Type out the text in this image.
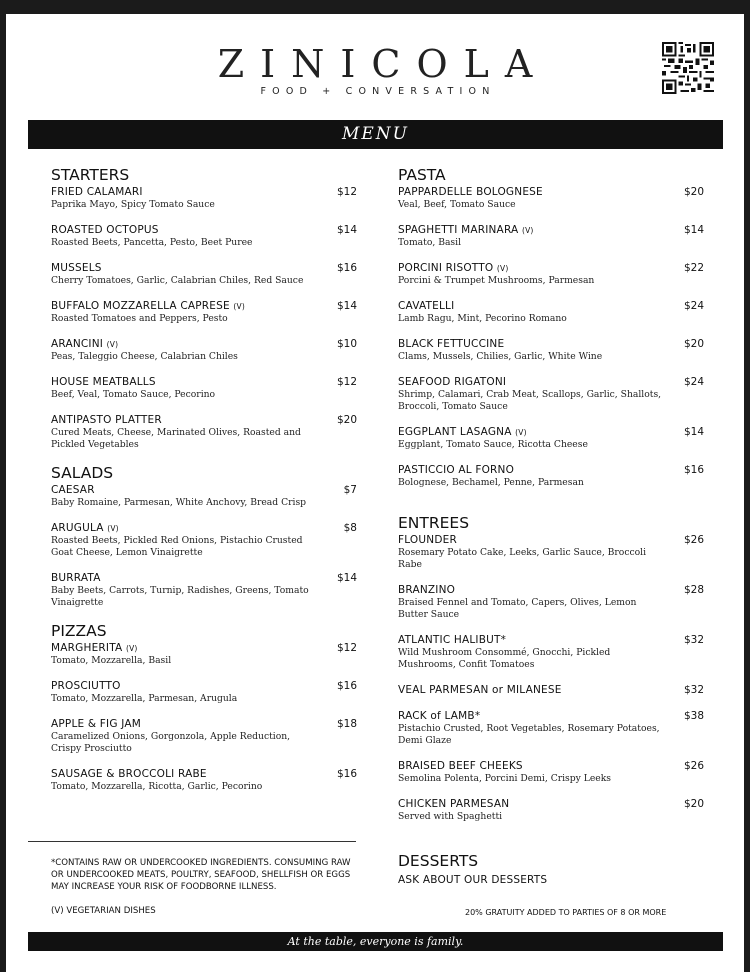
ZINICOLA
FOOD + CONVERSATION
MENU
STARTERS
FRIED CALAMARI	$12
Paprika Mayo, Spicy Tomato Sauce
ROASTED OCTOPUS	$14
Roasted Beets, Pancetta, Pesto, Beet Puree
MUSSELS	$16
Cherry Tomatoes, Garlic, Calabrian Chiles, Red Sauce
BUFFALO MOZZARELLA CAPRESE (V)	$14
Roasted Tomatoes and Peppers, Pesto
ARANCINI (V)	$10
Peas, Taleggio Cheese, Calabrian Chiles
HOUSE MEATBALLS	$12
Beef, Veal, Tomato Sauce, Pecorino
ANTIPASTO PLATTER	$20
Cured Meats, Cheese, Marinated Olives, Roasted and Pickled Vegetables
SALADS
CAESAR	$7
Baby Romaine, Parmesan, White Anchovy, Bread Crisp
ARUGULA (V)	$8
Roasted Beets, Pickled Red Onions, Pistachio Crusted Goat Cheese, Lemon Vinaigrette
BURRATA	$14
Baby Beets, Carrots, Turnip, Radishes, Greens, Tomato Vinaigrette
PIZZAS
MARGHERITA (V)	$12
Tomato, Mozzarella, Basil
PROSCIUTTO	$16
Tomato, Mozzarella, Parmesan, Arugula
APPLE & FIG JAM	$18
Caramelized Onions, Gorgonzola, Apple Reduction, Crispy Prosciutto
SAUSAGE & BROCCOLI RABE	$16
Tomato, Mozzarella, Ricotta, Garlic, Pecorino
PASTA
PAPPARDELLE BOLOGNESE	$20
Veal, Beef, Tomato Sauce
SPAGHETTI MARINARA (V)	$14
Tomato, Basil
PORCINI RISOTTO (V)	$22
Porcini & Trumpet Mushrooms, Parmesan
CAVATELLI	$24
Lamb Ragu, Mint, Pecorino Romano
BLACK FETTUCCINE	$20
Clams, Mussels, Chilies, Garlic, White Wine
SEAFOOD RIGATONI	$24
Shrimp, Calamari, Crab Meat, Scallops, Garlic, Shallots, Broccoli, Tomato Sauce
EGGPLANT LASAGNA (V)	$14
Eggplant, Tomato Sauce, Ricotta Cheese
PASTICCIO AL FORNO	$16
Bolognese, Bechamel, Penne, Parmesan
ENTREES
FLOUNDER	$26
Rosemary Potato Cake, Leeks, Garlic Sauce, Broccoli Rabe
BRANZINO	$28
Braised Fennel and Tomato, Capers, Olives, Lemon Butter Sauce
ATLANTIC HALIBUT*	$32
Wild Mushroom Consommé, Gnocchi, Pickled Mushrooms, Confit Tomatoes
VEAL PARMESAN or MILANESE	$32
RACK of LAMB*	$38
Pistachio Crusted, Root Vegetables, Rosemary Potatoes, Demi Glaze
BRAISED BEEF CHEEKS	$26
Semolina Polenta, Porcini Demi, Crispy Leeks
CHICKEN PARMESAN	$20
Served with Spaghetti
*CONTAINS RAW OR UNDERCOOKED INGREDIENTS. CONSUMING RAW OR UNDERCOOKED MEATS, POULTRY, SEAFOOD, SHELLFISH OR EGGS MAY INCREASE YOUR RISK OF FOODBORNE ILLNESS.
(V) VEGETARIAN DISHES
DESSERTS
ASK ABOUT OUR DESSERTS
20% GRATUITY ADDED TO PARTIES OF 8 OR MORE
At the table, everyone is family.
